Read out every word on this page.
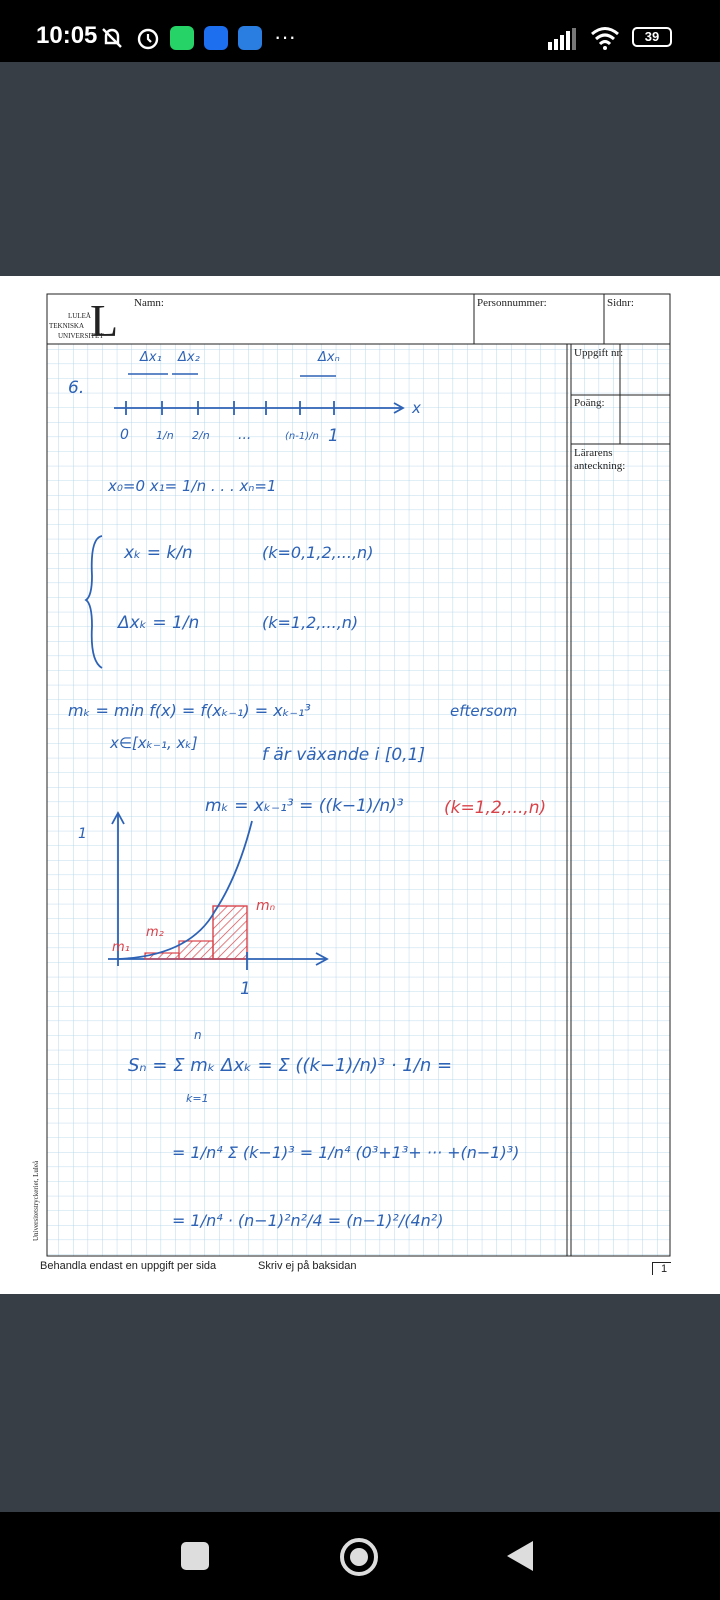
10:05	···	39
L
LULEÅ
TEKNISKA
UNIVERSITET
Namn:	Personnummer:	Sidnr:
Uppgift nr:
Poäng:
Lärarens
anteckning:
Universitetstryckeriet, Luleå
6.
Δx₁ Δx₂	Δxₙ
x
0 1/n 2/n ...	(n-1)/n 1
x₀=0 x₁= 1/n . . . xₙ=1
xₖ = k/n	(k=0,1,2,...,n)
Δxₖ = 1/n	(k=1,2,...,n)
mₖ = min f(x) = f(xₖ₋₁) = xₖ₋₁³	eftersom
x∈[xₖ₋₁, xₖ]
f är växande i [0,1]
mₖ = xₖ₋₁³ = ((k−1)/n)³ (k=1,2,...,n)
1
1
m₁
m₂
mₙ
Sₙ = Σ mₖ Δxₖ = Σ ((k−1)/n)³ · 1/n =
k=1
n
= 1/n⁴ Σ (k−1)³ = 1/n⁴ (0³+1³+ ··· +(n−1)³)
= 1/n⁴ · (n−1)²n²/4 = (n−1)²/(4n²)
Behandla endast en uppgift per sida	Skriv ej på baksidan	1
